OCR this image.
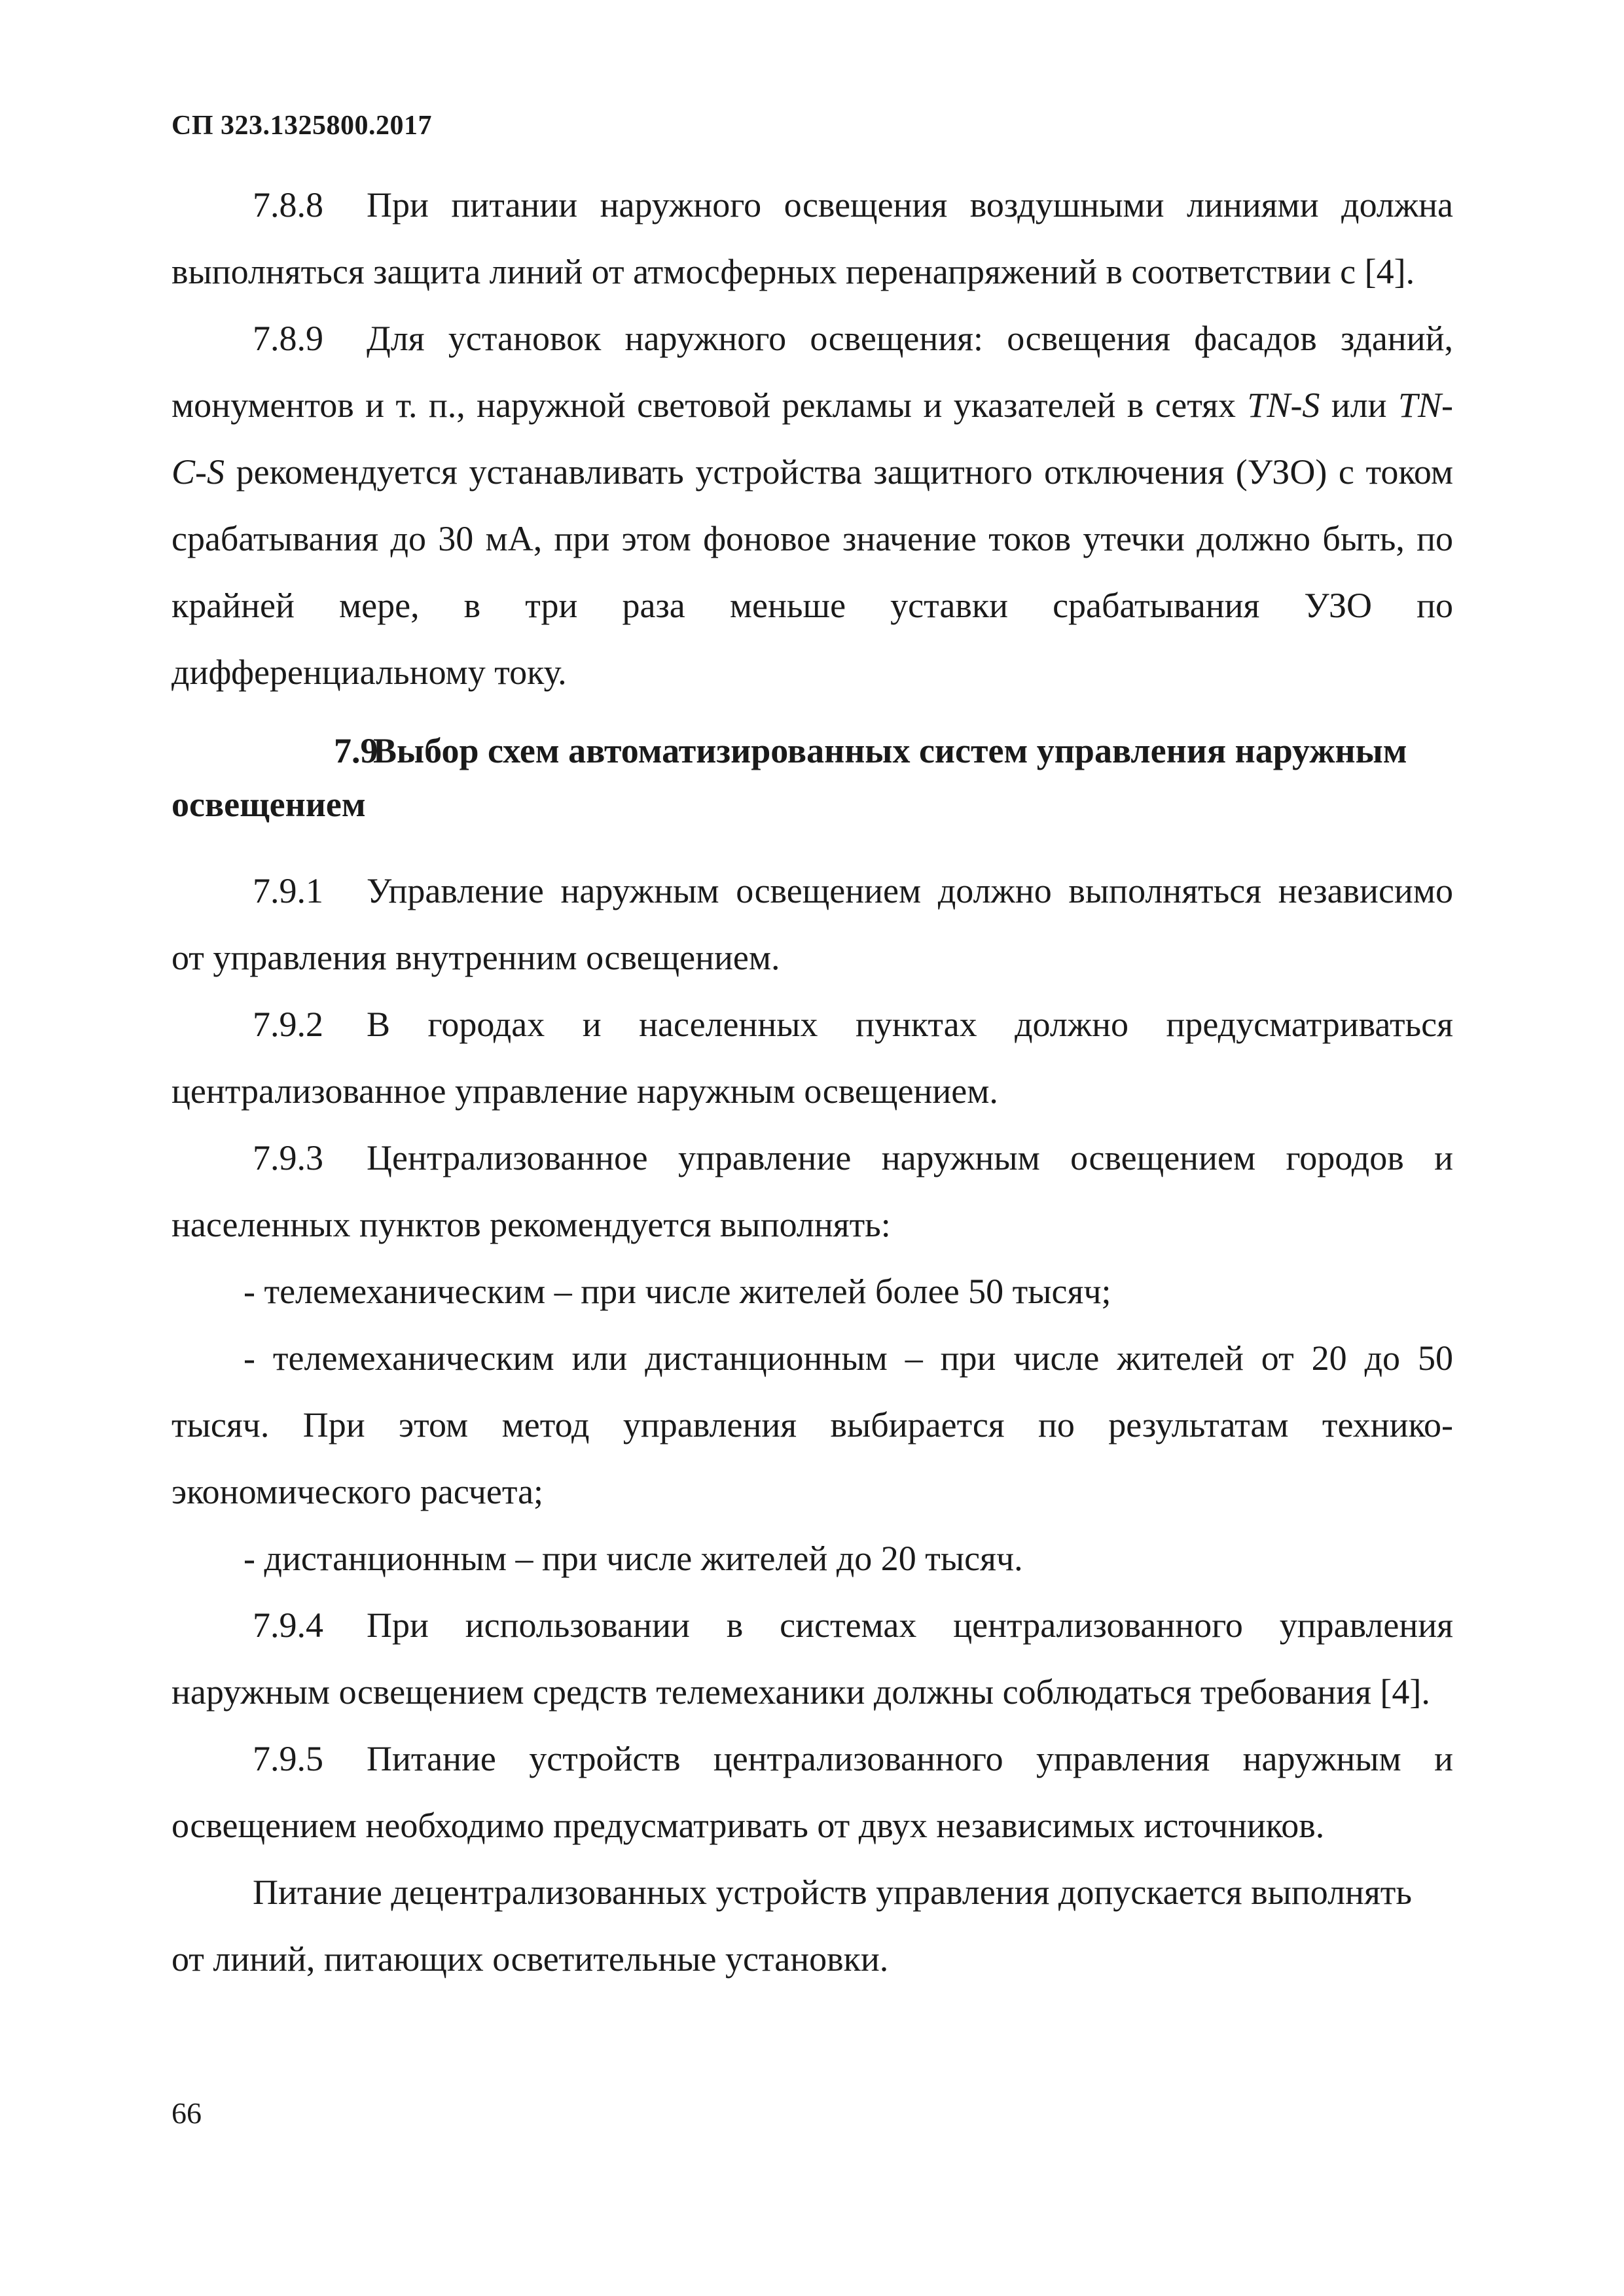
СП 323.1325800.2017

7.8.8 При питании наружного освещения воздушными линиями должна выполняться защита линий от атмосферных перенапряжений в соответствии с [4].

7.8.9 Для установок наружного освещения: освещения фасадов зданий, монументов и т. п., наружной световой рекламы и указателей в сетях TN-S или TN-C-S рекомендуется устанавливать устройства защитного отключения (УЗО) с током срабатывания до 30 мА, при этом фоновое значение токов утечки должно быть, по крайней мере, в три раза меньше уставки срабатывания УЗО по дифференциальному току.

7.9Выбор схем автоматизированных систем управления наружным освещением

7.9.1 Управление наружным освещением должно выполняться независимо от управления внутренним освещением.

7.9.2 В городах и населенных пунктах должно предусматриваться централизованное управление наружным освещением.

7.9.3 Централизованное управление наружным освещением городов и населенных пунктов рекомендуется выполнять:

- телемеханическим – при числе жителей более 50 тысяч;

- телемеханическим или дистанционным – при числе жителей от 20 до 50 тысяч. При этом метод управления выбирается по результатам технико-экономического расчета;

- дистанционным – при числе жителей до 20 тысяч.

7.9.4 При использовании в системах централизованного управления наружным освещением средств телемеханики должны соблюдаться требования [4].

7.9.5 Питание устройств централизованного управления наружным и освещением необходимо предусматривать от двух независимых источников.

Питание децентрализованных устройств управления допускается выполнять от линий, питающих осветительные установки.

66
